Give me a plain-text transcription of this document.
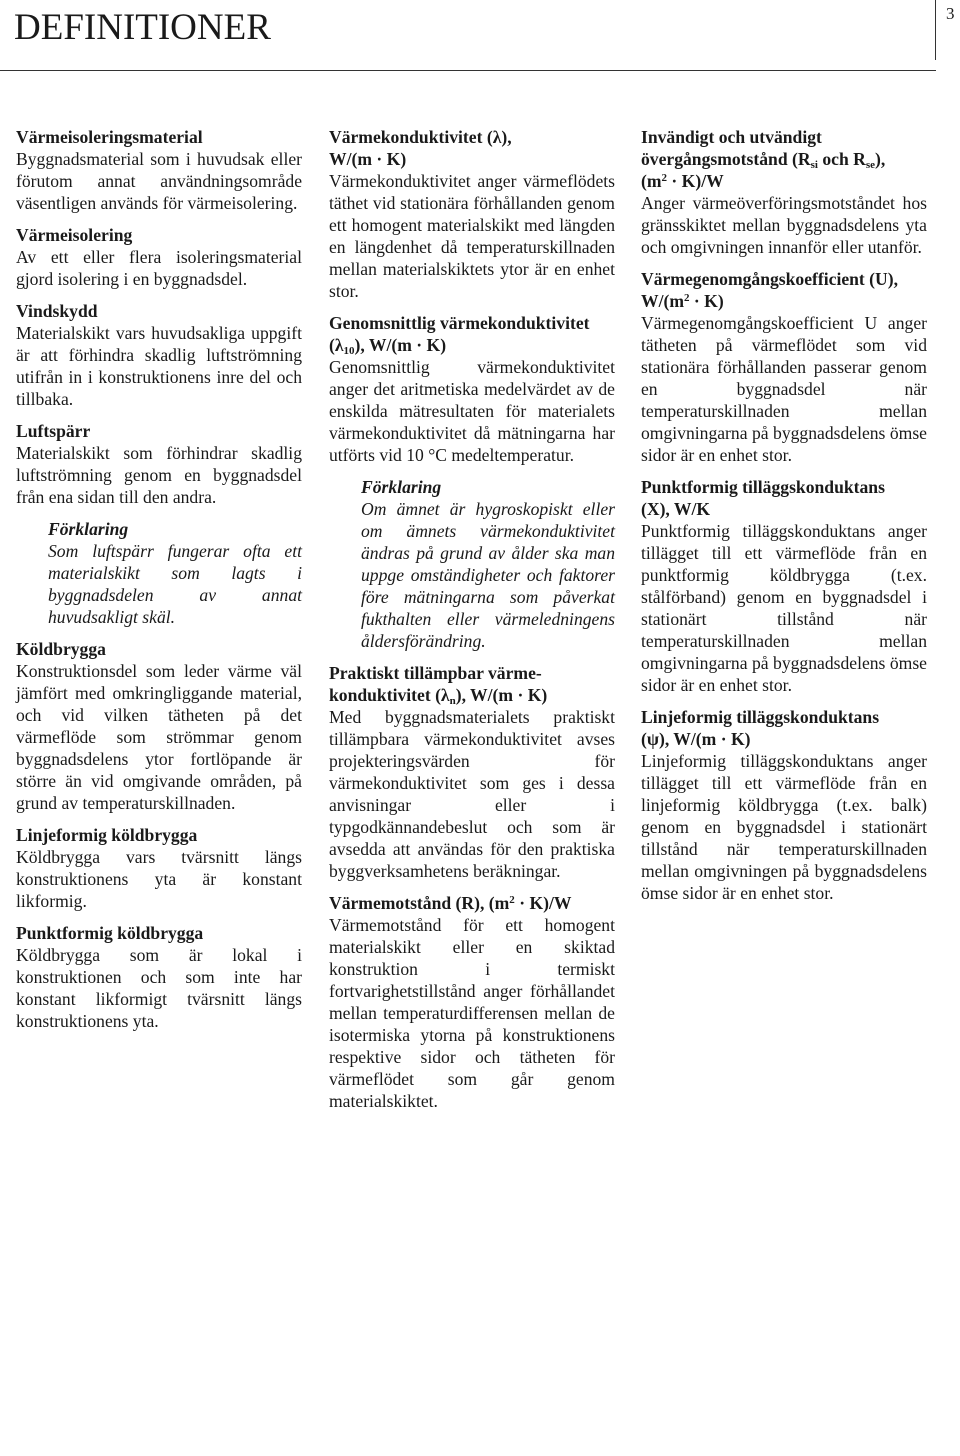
DEFINITIONER	3
Värmeisoleringsmaterial

Byggnadsmaterial som i huvudsak eller förutom annat användningsområde väsentligen används för värmeisolering.

Värmeisolering

Av ett eller flera isoleringsmaterial gjord isolering i en byggnadsdel.

Vindskydd

Materialskikt vars huvudsakliga uppgift är att förhindra skadlig luftströmning utifrån in i konstruktionens inre del och tillbaka.

Luftspärr

Materialskikt som förhindrar skadlig luftströmning genom en byggnadsdel från ena sidan till den andra.

Förklaring

Som luftspärr fungerar ofta ett materialskikt som lagts i byggnadsdelen av annat huvudsakligt skäl.

Köldbrygga

Konstruktionsdel som leder värme väl jämfört med omkringliggande material, och vid vilken tätheten på det värmeflöde som strömmar genom byggnadsdelens ytor fortlöpande är större än vid omgivande områden, på grund av temperaturskillnaden.

Linjeformig köldbrygga

Köldbrygga vars tvärsnitt längs konstruktionens yta är konstant likformig.

Punktformig köldbrygga

Köldbrygga som är lokal i konstruktionen och som inte har konstant likformigt tvärsnitt längs konstruktionens yta.

Värmekonduktivitet (λ),
W/(m · K)

Värmekonduktivitet anger värmeflödets täthet vid stationära förhållanden genom ett homogent materialskikt med längden en längdenhet då temperaturskillnaden mellan materialskiktets ytor är en enhet stor.

Genomsnittlig värmekonduktivitet
$(\lambda_{10})$, W/(m · K)

Genomsnittlig värmekonduktivitet anger det aritmetiska medelvärdet av de enskilda mätresultaten för materialets värmekonduktivitet då mätningarna har utförts vid 10 °C medeltemperatur.

Förklaring

Om ämnet är hygroskopiskt eller om ämnets värmekonduktivitet ändras på grund av ålder ska man uppge omständigheter och faktorer före mätningarna som påverkat fukthalten eller värmeledningens åldersförändring.

Praktiskt tillämpbar värme-
konduktivitet $(\lambda_n)$, W/(m · K)

Med byggnadsmaterialets praktiskt tillämpbara värmekonduktivitet avses projekteringsvärden för värmekonduktivitet som ges i dessa anvisningar eller i typgodkännandebeslut och som är avsedda att användas för den praktiska byggverksamhetens beräkningar.

Värmemotstånd (R), $(m^2 \cdot K)/W$

Värmemotstånd för ett homogent materialskikt eller en skiktad konstruktion i termiskt fortvarighetstillstånd anger förhållandet mellan temperaturdifferensen mellan de isotermiska ytorna på konstruktionens respektive sidor och tätheten för värmeflödet som går genom materialskiktet.

Invändigt och utvändigt
övergångsmotstånd ($R_{si}$ och $R_{se}$),
$(m^2 \cdot K)/W$

Anger värmeöverföringsmotståndet hos gränsskiktet mellan byggnadsdelens yta och omgivningen innanför eller utanför.

Värmegenomgångskoefficient (U),
$W/(m^2 \cdot K)$

Värmegenomgångskoefficient U anger tätheten på värmeflödet som vid stationära förhållanden passerar genom en byggnadsdel när temperaturskillnaden mellan omgivningarna på byggnadsdelens ömse sidor är en enhet stor.

Punktformig tilläggskonduktans
(X), W/K

Punktformig tilläggskonduktans anger tillägget till ett värmeflöde från en punktformig köldbrygga (t.ex. stålförband) genom en byggnadsdel i stationärt tillstånd när temperaturskillnaden mellan omgivningarna på byggnadsdelens ömse sidor är en enhet stor.

Linjeformig tilläggskonduktans
(ψ), W/(m · K)

Linjeformig tilläggskonduktans anger tillägget till ett värmeflöde från en linjeformig köldbrygga (t.ex. balk) genom en byggnadsdel i stationärt tillstånd när temperaturskillnaden mellan omgivningen på byggnadsdelens ömse sidor är en enhet stor.
